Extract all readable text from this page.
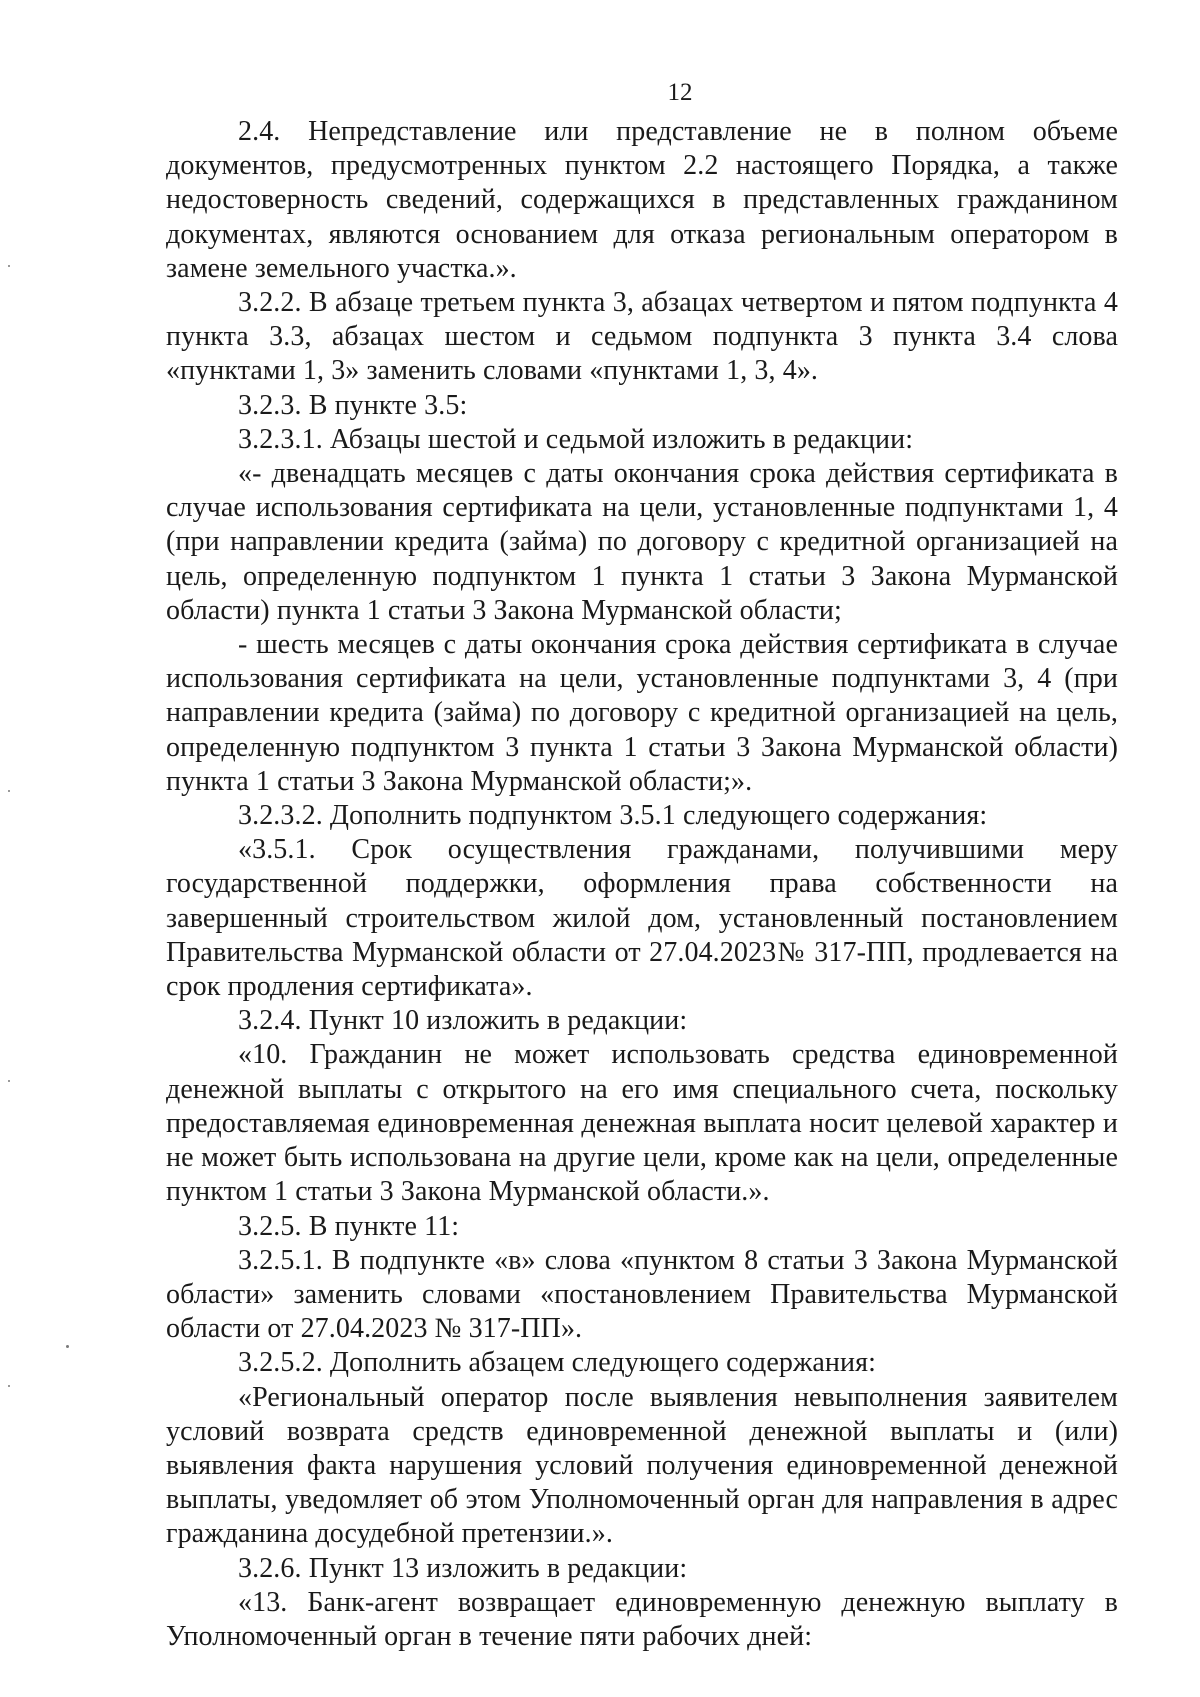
12

2.4. Непредставление или представление не в полном объеме документов, предусмотренных пунктом 2.2 настоящего Порядка, а также недостоверность сведений, содержащихся в представленных гражданином документах, являются основанием для отказа региональным оператором в замене земельного участка.».

3.2.2. В абзаце третьем пункта 3, абзацах четвертом и пятом подпункта 4 пункта 3.3, абзацах шестом и седьмом подпункта 3 пункта 3.4 слова «пунктами 1, 3» заменить словами «пунктами 1, 3, 4».

3.2.3. В пункте 3.5:

3.2.3.1. Абзацы шестой и седьмой изложить в редакции:

«- двенадцать месяцев с даты окончания срока действия сертификата в случае использования сертификата на цели, установленные подпунктами 1, 4 (при направлении кредита (займа) по договору с кредитной организацией на цель, определенную подпунктом 1 пункта 1 статьи 3 Закона Мурманской области) пункта 1 статьи 3 Закона Мурманской области;

- шесть месяцев с даты окончания срока действия сертификата в случае использования сертификата на цели, установленные подпунктами 3, 4 (при направлении кредита (займа) по договору с кредитной организацией на цель, определенную подпунктом 3 пункта 1 статьи 3 Закона Мурманской области) пункта 1 статьи 3 Закона Мурманской области;».

3.2.3.2. Дополнить подпунктом 3.5.1 следующего содержания:

«3.5.1. Срок осуществления гражданами, получившими меру государственной поддержки, оформления права собственности на завершенный строительством жилой дом, установленный постановлением Правительства Мурманской области от 27.04.2023№ 317-ПП, продлевается на срок продления сертификата».

3.2.4. Пункт 10 изложить в редакции:

«10. Гражданин не может использовать средства единовременной денежной выплаты с открытого на его имя специального счета, поскольку предоставляемая единовременная денежная выплата носит целевой характер и не может быть использована на другие цели, кроме как на цели, определенные пунктом 1 статьи 3 Закона Мурманской области.».

3.2.5. В пункте 11:

3.2.5.1. В подпункте «в» слова «пунктом 8 статьи 3 Закона Мурманской области» заменить словами «постановлением Правительства Мурманской области от 27.04.2023 № 317-ПП».

3.2.5.2. Дополнить абзацем следующего содержания:

«Региональный оператор после выявления невыполнения заявителем условий возврата средств единовременной денежной выплаты и (или) выявления факта нарушения условий получения единовременной денежной выплаты, уведомляет об этом Уполномоченный орган для направления в адрес гражданина досудебной претензии.».

3.2.6. Пункт 13 изложить в редакции:

«13. Банк-агент возвращает единовременную денежную выплату в Уполномоченный орган в течение пяти рабочих дней:
